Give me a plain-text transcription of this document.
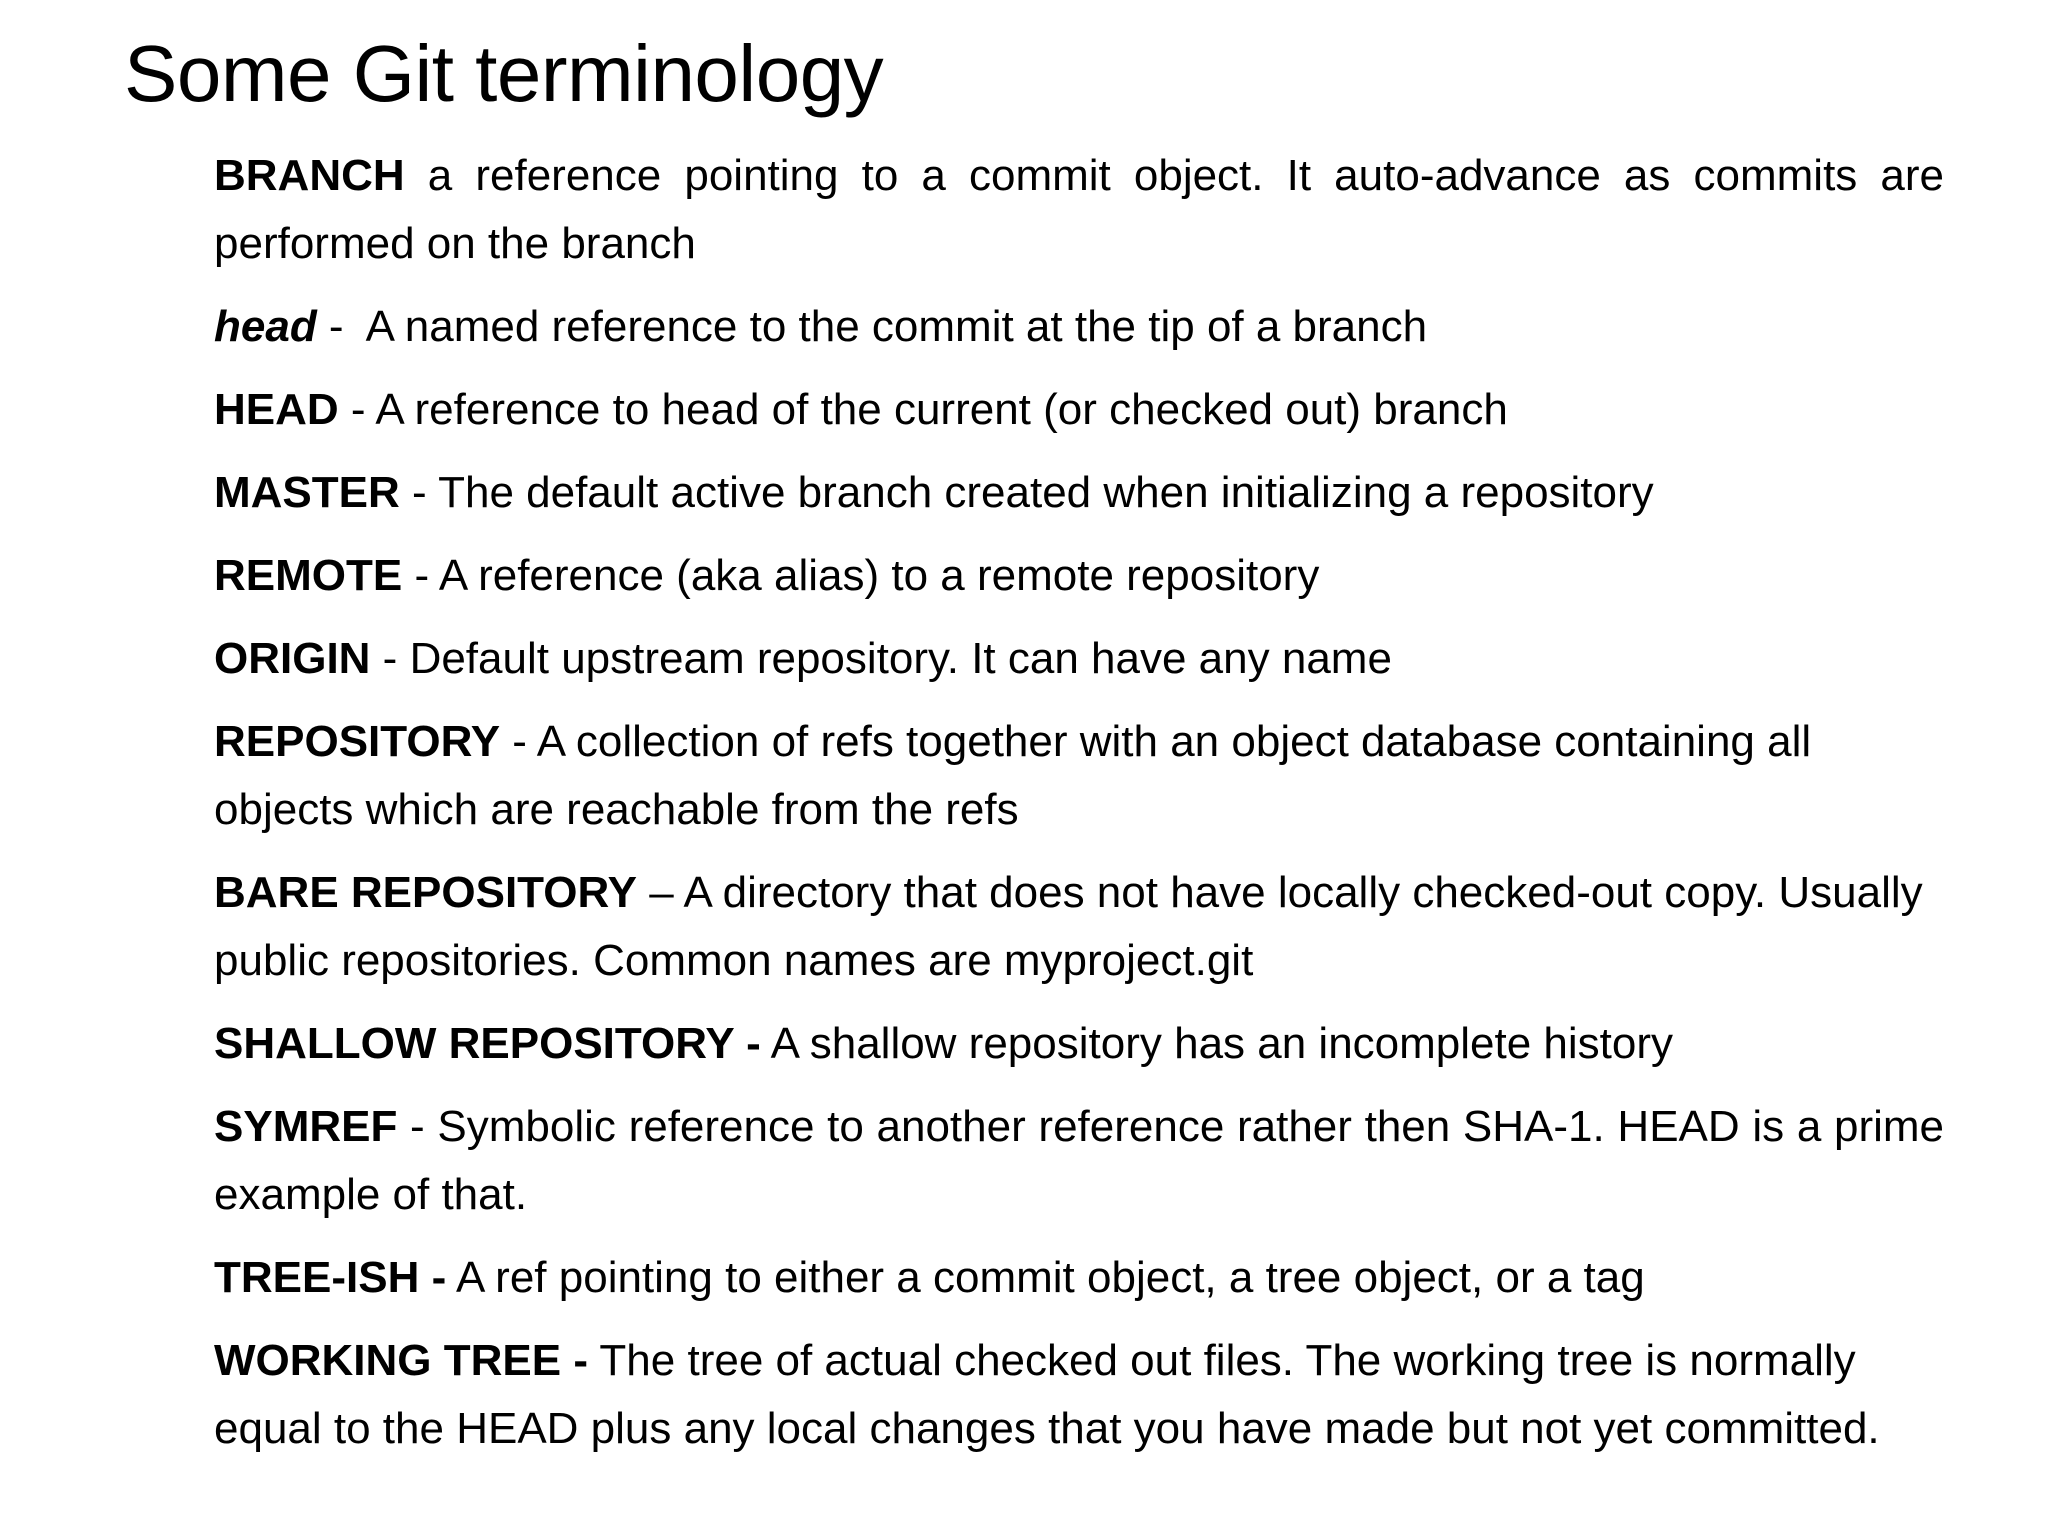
Some Git terminology
BRANCH a reference pointing to a commit object. It auto-advance as commits are performed on the branch
head -  A named reference to the commit at the tip of a branch
HEAD - A reference to head of the current (or checked out) branch
MASTER - The default active branch created when initializing a repository
REMOTE - A reference (aka alias) to a remote repository
ORIGIN - Default upstream repository. It can have any name
REPOSITORY - A collection of refs together with an object database containing all objects which are reachable from the refs
BARE REPOSITORY – A directory that does not have locally checked-out copy. Usually public repositories. Common names are myproject.git
SHALLOW REPOSITORY - A shallow repository has an incomplete history
SYMREF - Symbolic reference to another reference rather then SHA-1. HEAD is a prime example of that.
TREE-ISH - A ref pointing to either a commit object, a tree object, or a tag
WORKING TREE - The tree of actual checked out files. The working tree is normally equal to the HEAD plus any local changes that you have made but not yet committed.
